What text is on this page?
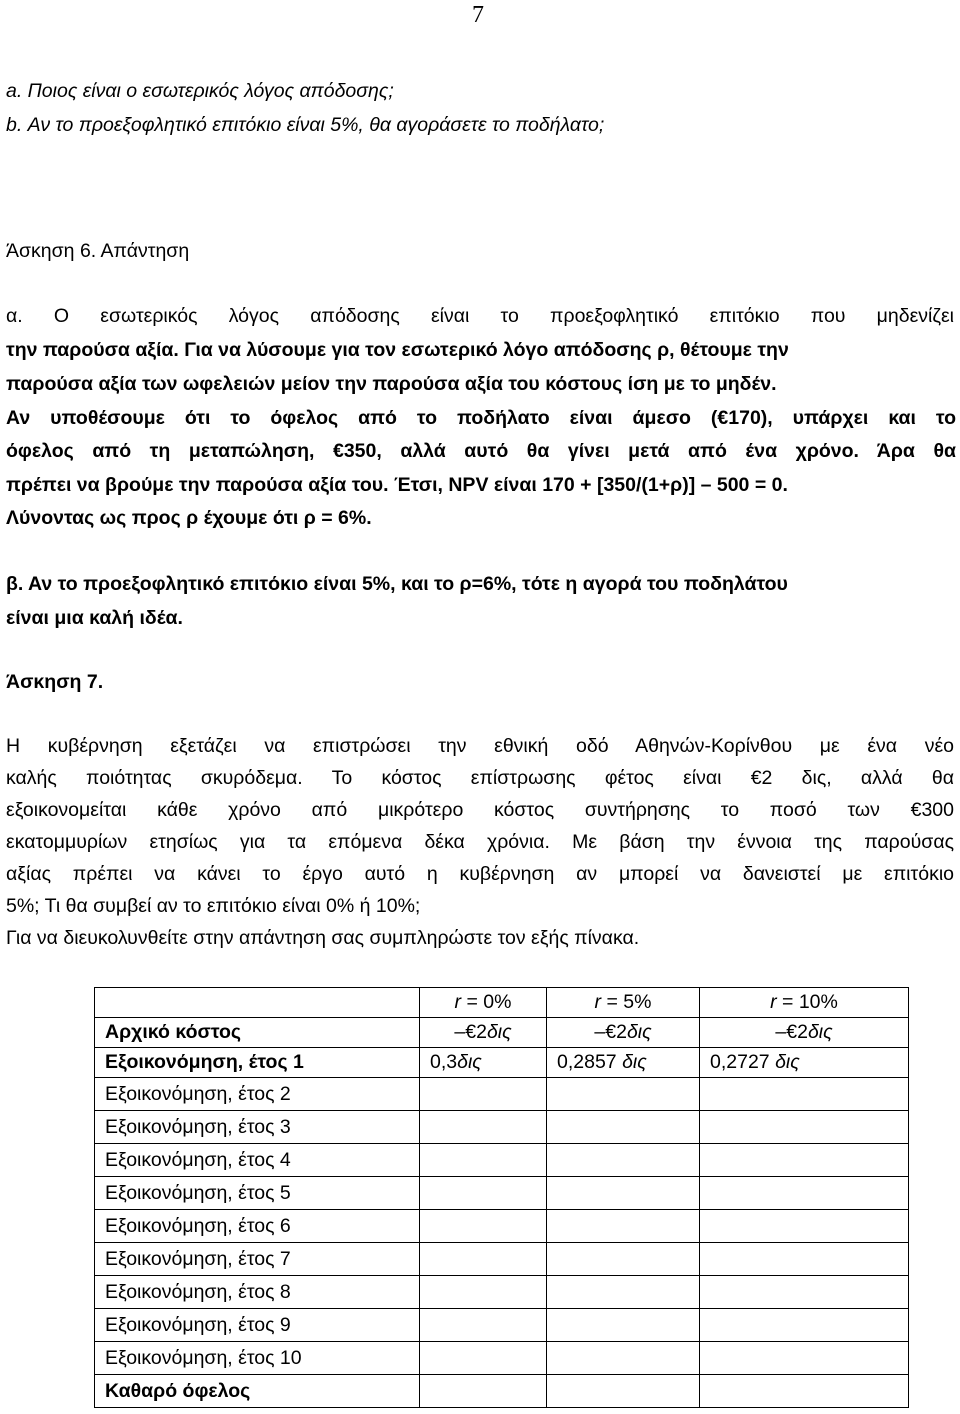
7
a. Ποιος είναι ο εσωτερικός λόγος απόδοσης;
b. Αν το προεξοφλητικό επιτόκιο είναι 5%, θα αγοράσετε το ποδήλατο;
Άσκηση 6. Απάντηση
α. Ο εσωτερικός λόγος απόδοσης είναι το προεξοφλητικό επιτόκιο που μηδενίζει
την παρούσα αξία. Για να λύσουμε για τον εσωτερικό λόγο απόδοσης ρ, θέτουμε την
παρούσα αξία των ωφελειών μείον την παρούσα αξία του κόστους ίση με το μηδέν.
Αν υποθέσουμε ότι το όφελος από το ποδήλατο είναι άμεσο (€170), υπάρχει και το
όφελος από τη μεταπώληση, €350, αλλά αυτό θα γίνει μετά από ένα χρόνο. Άρα θα
πρέπει να βρούμε την παρούσα αξία του. Έτσι, NPV είναι 170 + [350/(1+ρ)] – 500 = 0.
Λύνοντας ως προς ρ έχουμε ότι ρ = 6%.
β. Αν το προεξοφλητικό επιτόκιο είναι 5%, και το ρ=6%, τότε η αγορά του ποδηλάτου
είναι μια καλή ιδέα.
Άσκηση 7.
Η κυβέρνηση εξετάζει να επιστρώσει την εθνική οδό Αθηνών-Κορίνθου με ένα νέο
καλής ποιότητας σκυρόδεμα. Το κόστος επίστρωσης φέτος είναι €2 δις, αλλά θα
εξοικονομείται κάθε χρόνο από μικρότερο κόστος συντήρησης το ποσό των €300
εκατομμυρίων ετησίως για τα επόμενα δέκα χρόνια. Με βάση την έννοια της παρούσας
αξίας πρέπει να κάνει το έργο αυτό η κυβέρνηση αν μπορεί να δανειστεί με επιτόκιο
5%; Τι θα συμβεί αν το επιτόκιο είναι 0% ή 10%;
Για να διευκολυνθείτε στην απάντηση σας συμπληρώστε τον εξής πίνακα.
	r = 0%	r = 5%	r = 10%
Αρχικό κόστος	–€2δις	–€2δις	–€2δις
Εξοικονόμηση, έτος 1	0,3δις	0,2857 δις	0,2727 δις
Εξοικονόμηση, έτος 2			
Εξοικονόμηση, έτος 3			
Εξοικονόμηση, έτος 4			
Εξοικονόμηση, έτος 5			
Εξοικονόμηση, έτος 6			
Εξοικονόμηση, έτος 7			
Εξοικονόμηση, έτος 8			
Εξοικονόμηση, έτος 9			
Εξοικονόμηση, έτος 10			
Καθαρό όφελος			
